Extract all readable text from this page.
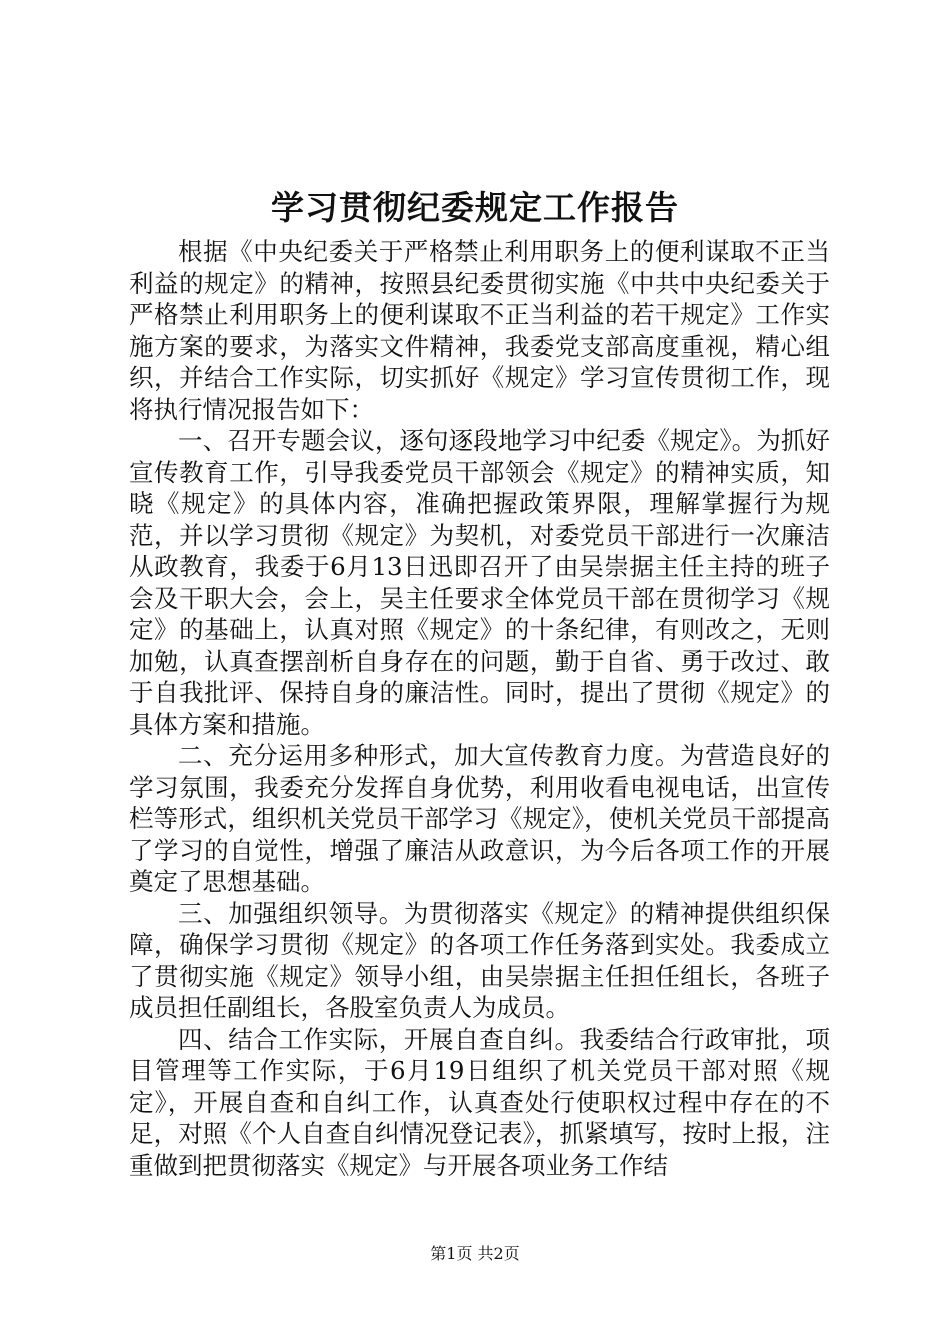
学习贯彻纪委规定工作报告

根据《中央纪委关于严格禁止利用职务上的便利谋取不正当利益的规定》的精神，按照县纪委贯彻实施《中共中央纪委关于严格禁止利用职务上的便利谋取不正当利益的若干规定》工作实施方案的要求，为落实文件精神，我委党支部高度重视，精心组织，并结合工作实际，切实抓好《规定》学习宣传贯彻工作，现将执行情况报告如下：

一、召开专题会议，逐句逐段地学习中纪委《规定》。为抓好宣传教育工作，引导我委党员干部领会《规定》的精神实质，知晓《规定》的具体内容，准确把握政策界限，理解掌握行为规范，并以学习贯彻《规定》为契机，对委党员干部进行一次廉洁从政教育，我委于6月13日迅即召开了由吴崇据主任主持的班子会及干职大会，会上，吴主任要求全体党员干部在贯彻学习《规定》的基础上，认真对照《规定》的十条纪律，有则改之，无则加勉，认真查摆剖析自身存在的问题，勤于自省、勇于改过、敢于自我批评、保持自身的廉洁性。同时，提出了贯彻《规定》的具体方案和措施。

二、充分运用多种形式，加大宣传教育力度。为营造良好的学习氛围，我委充分发挥自身优势，利用收看电视电话，出宣传栏等形式，组织机关党员干部学习《规定》，使机关党员干部提高了学习的自觉性，增强了廉洁从政意识，为今后各项工作的开展奠定了思想基础。

三、加强组织领导。为贯彻落实《规定》的精神提供组织保障，确保学习贯彻《规定》的各项工作任务落到实处。我委成立了贯彻实施《规定》领导小组，由吴崇据主任担任组长，各班子成员担任副组长，各股室负责人为成员。

四、结合工作实际，开展自查自纠。我委结合行政审批，项目管理等工作实际，于6月19日组织了机关党员干部对照《规定》，开展自查和自纠工作，认真查处行使职权过程中存在的不足，对照《个人自查自纠情况登记表》，抓紧填写，按时上报，注重做到把贯彻落实《规定》与开展各项业务工作结

第1页 共2页
